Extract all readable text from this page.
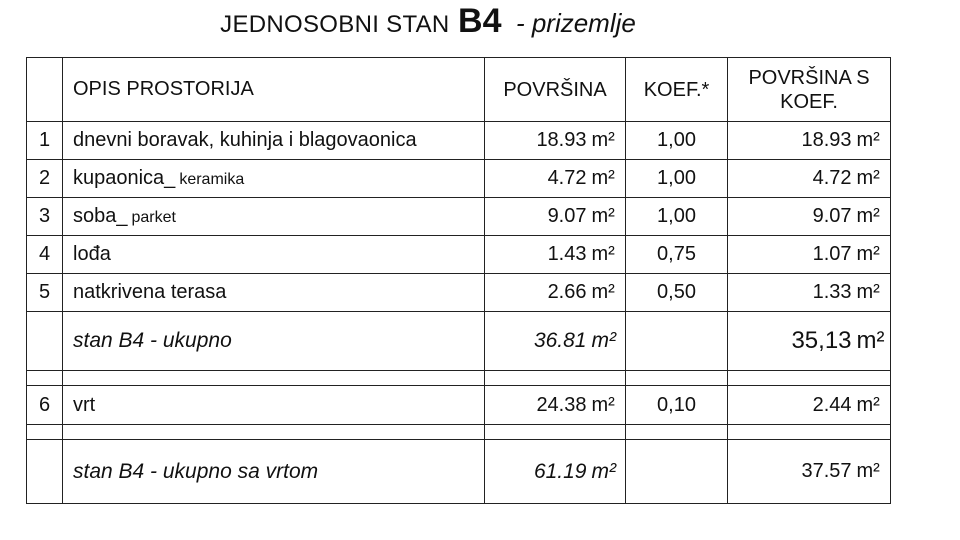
JEDNOSOBNI STAN B4 - prizemlje
	OPIS PROSTORIJA	POVRŠINA		KOEF.*	POVRŠINA S
KOEF.	
1	dnevni boravak, kuhinja i blagovaonica	18.93	m²	1,00	18.93	m²
2	kupaonica_ keramika	4.72	m²	1,00	4.72	m²
3	soba_ parket	9.07	m²	1,00	9.07	m²
4	lođa	1.43	m²	0,75	1.07	m²
5	natkrivena terasa	2.66	m²	0,50	1.33	m²
	stan B4 - ukupno	36.81	m²		35,13	m²

6	vrt	24.38	m²	0,10	2.44	m²

	stan B4 - ukupno sa vrtom	61.19	m²		37.57	m²
